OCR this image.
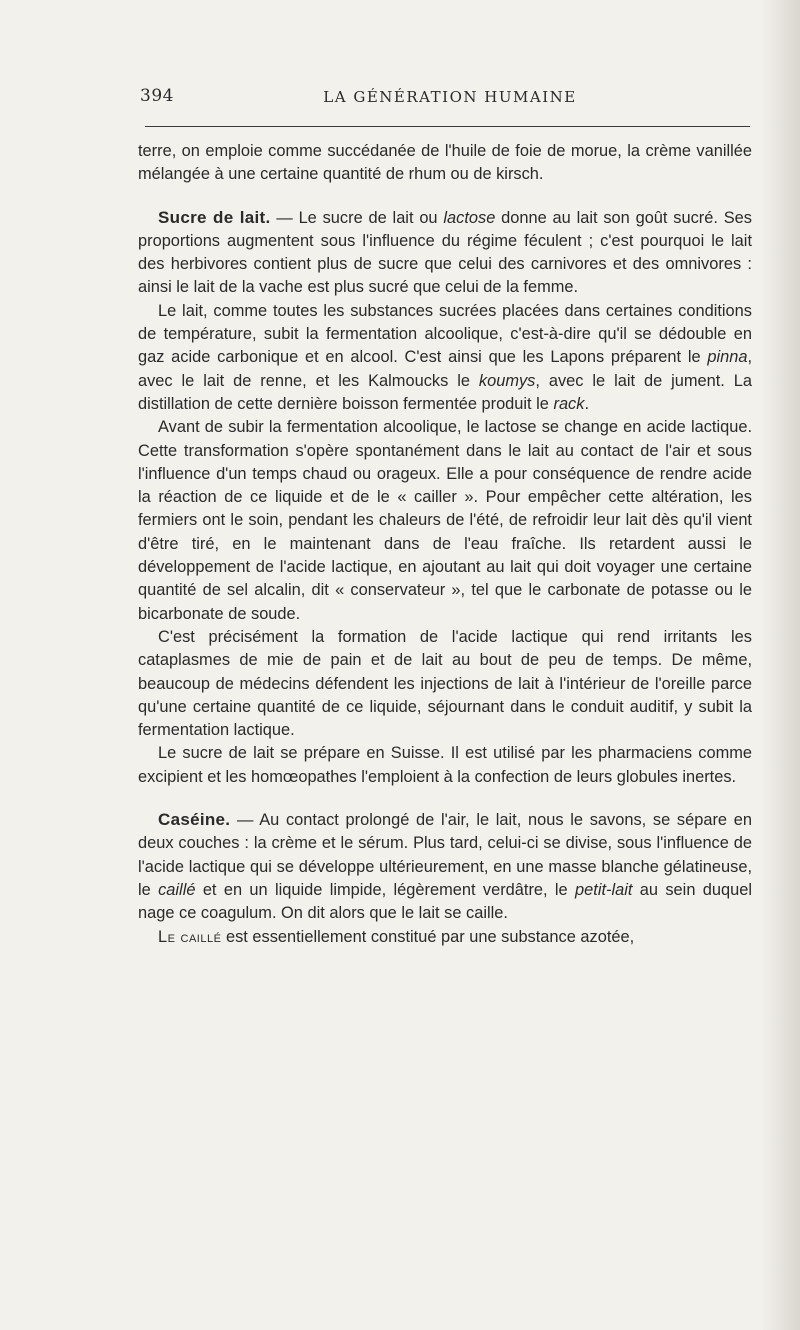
394	LA GÉNÉRATION HUMAINE

terre, on emploie comme succédanée de l'huile de foie de morue, la crème vanillée mélangée à une certaine quantité de rhum ou de kirsch.

Sucre de lait. — Le sucre de lait ou lactose donne au lait son goût sucré. Ses proportions augmentent sous l'influence du régime féculent ; c'est pourquoi le lait des herbivores contient plus de sucre que celui des carnivores et des omnivores : ainsi le lait de la vache est plus sucré que celui de la femme.

Le lait, comme toutes les substances sucrées placées dans certaines conditions de température, subit la fermentation alcoolique, c'est-à-dire qu'il se dédouble en gaz acide carbonique et en alcool. C'est ainsi que les Lapons préparent le pinna, avec le lait de renne, et les Kalmoucks le koumys, avec le lait de jument. La distillation de cette dernière boisson fermentée produit le rack.

Avant de subir la fermentation alcoolique, le lactose se change en acide lactique. Cette transformation s'opère spontanément dans le lait au contact de l'air et sous l'influence d'un temps chaud ou orageux. Elle a pour conséquence de rendre acide la réaction de ce liquide et de le « cailler ». Pour empêcher cette altération, les fermiers ont le soin, pendant les chaleurs de l'été, de refroidir leur lait dès qu'il vient d'être tiré, en le maintenant dans de l'eau fraîche. Ils retardent aussi le développement de l'acide lactique, en ajoutant au lait qui doit voyager une certaine quantité de sel alcalin, dit « conservateur », tel que le carbonate de potasse ou le bicarbonate de soude.

C'est précisément la formation de l'acide lactique qui rend irritants les cataplasmes de mie de pain et de lait au bout de peu de temps. De même, beaucoup de médecins défendent les injections de lait à l'intérieur de l'oreille parce qu'une certaine quantité de ce liquide, séjournant dans le conduit auditif, y subit la fermentation lactique.

Le sucre de lait se prépare en Suisse. Il est utilisé par les pharmaciens comme excipient et les homœopathes l'emploient à la confection de leurs globules inertes.

Caséine. — Au contact prolongé de l'air, le lait, nous le savons, se sépare en deux couches : la crème et le sérum. Plus tard, celui-ci se divise, sous l'influence de l'acide lactique qui se développe ultérieurement, en une masse blanche gélatineuse, le caillé et en un liquide limpide, légèrement verdâtre, le petit-lait au sein duquel nage ce coagulum. On dit alors que le lait se caille.

Le caillé est essentiellement constitué par une substance azotée,
